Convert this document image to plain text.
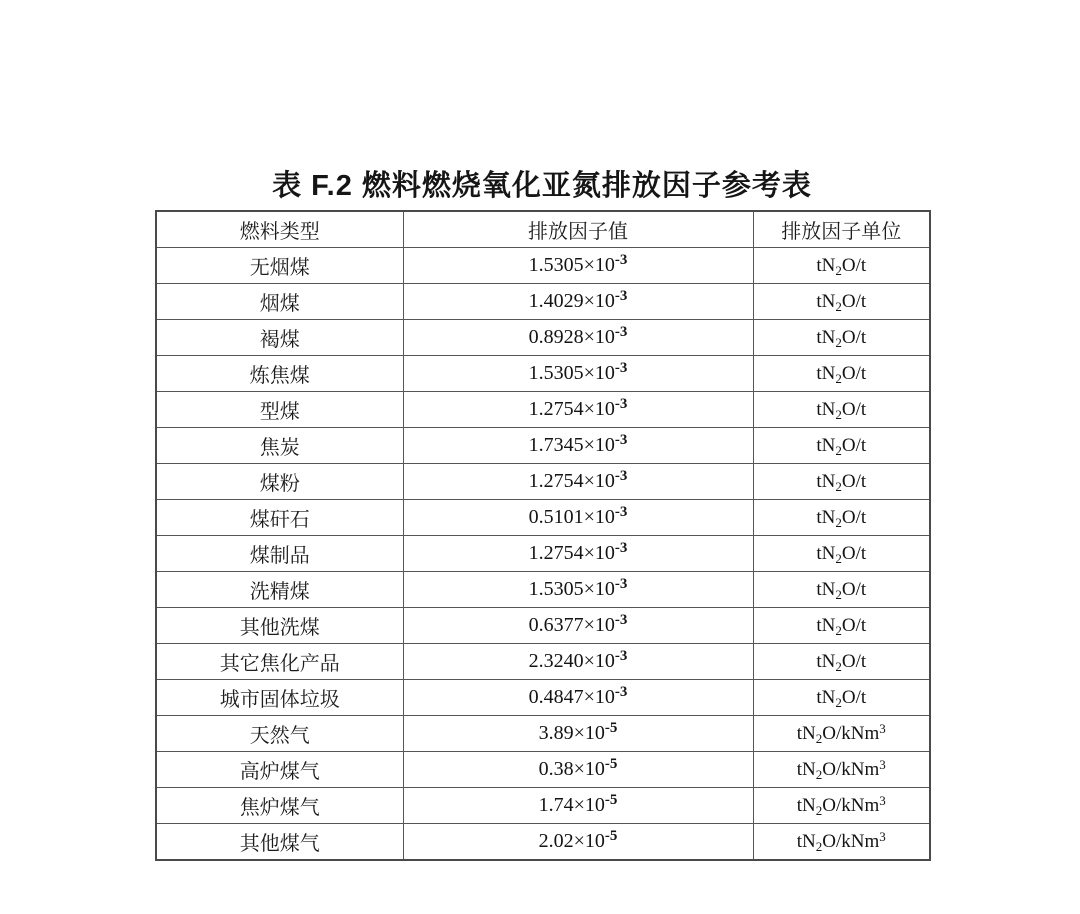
表 F.2 燃料燃烧氧化亚氮排放因子参考表
燃料类型	排放因子值	排放因子单位
无烟煤	$1.5305\times 10^{-3}$	$tN_2O/t$
烟煤	$1.4029\times 10^{-3}$	$tN_2O/t$
褐煤	$0.8928\times 10^{-3}$	$tN_2O/t$
炼焦煤	$1.5305\times 10^{-3}$	$tN_2O/t$
型煤	$1.2754\times 10^{-3}$	$tN_2O/t$
焦炭	$1.7345\times 10^{-3}$	$tN_2O/t$
煤粉	$1.2754\times 10^{-3}$	$tN_2O/t$
煤矸石	$0.5101\times 10^{-3}$	$tN_2O/t$
煤制品	$1.2754\times 10^{-3}$	$tN_2O/t$
洗精煤	$1.5305\times 10^{-3}$	$tN_2O/t$
其他洗煤	$0.6377\times 10^{-3}$	$tN_2O/t$
其它焦化产品	$2.3240\times 10^{-3}$	$tN_2O/t$
城市固体垃圾	$0.4847\times 10^{-3}$	$tN_2O/t$
天然气	$3.89\times 10^{-5}$	$tN_2O/kNm^3$
高炉煤气	$0.38\times 10^{-5}$	$tN_2O/kNm^3$
焦炉煤气	$1.74\times 10^{-5}$	$tN_2O/kNm^3$
其他煤气	$2.02\times 10^{-5}$	$tN_2O/kNm^3$
